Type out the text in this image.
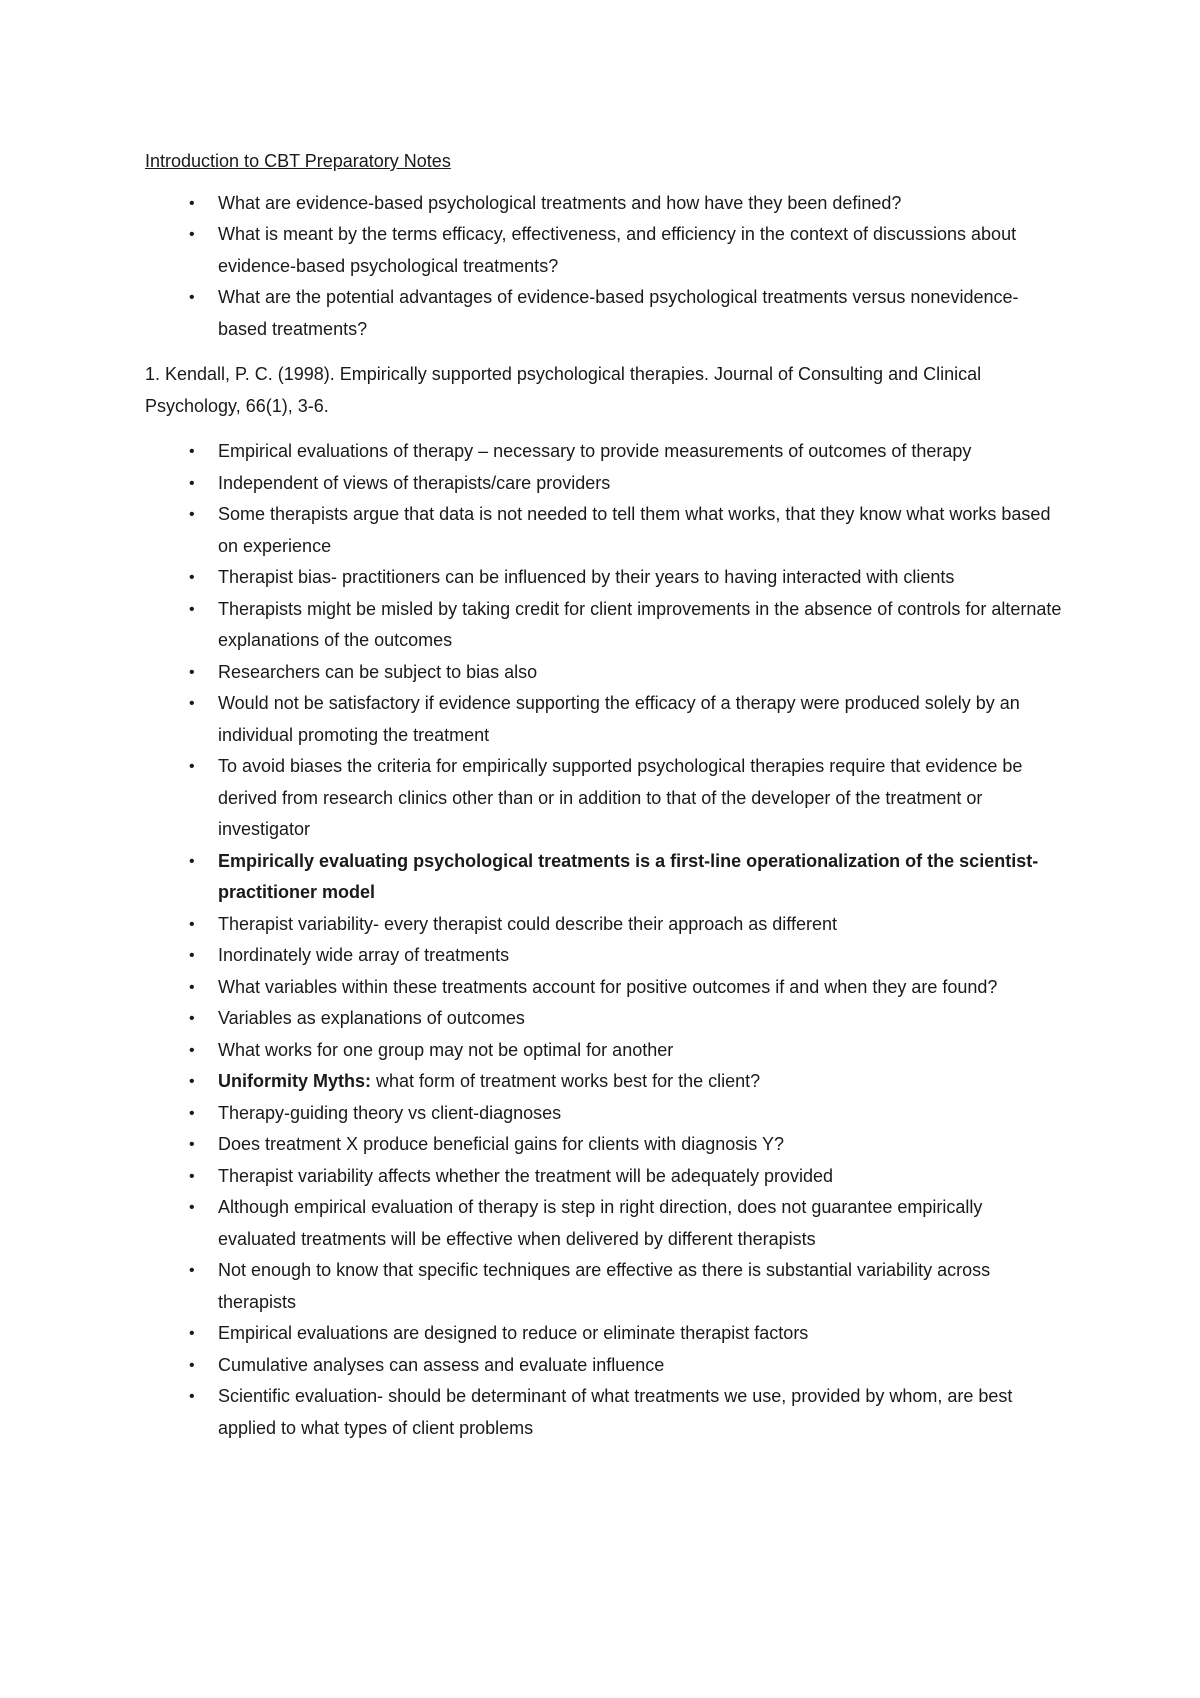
Introduction to CBT Preparatory Notes
• What are evidence-based psychological treatments and how have they been defined?
• What is meant by the terms efficacy, effectiveness, and efficiency in the context of discussions about evidence-based psychological treatments?
• What are the potential advantages of evidence-based psychological treatments versus nonevidence-based treatments?
1. Kendall, P. C. (1998). Empirically supported psychological therapies. Journal of Consulting and Clinical Psychology, 66(1), 3-6.
• Empirical evaluations of therapy – necessary to provide measurements of outcomes of therapy
• Independent of views of therapists/care providers
• Some therapists argue that data is not needed to tell them what works, that they know what works based on experience
• Therapist bias- practitioners can be influenced by their years to having interacted with clients
• Therapists might be misled by taking credit for client improvements in the absence of controls for alternate explanations of the outcomes
• Researchers can be subject to bias also
• Would not be satisfactory if evidence supporting the efficacy of a therapy were produced solely by an individual promoting the treatment
• To avoid biases the criteria for empirically supported psychological therapies require that evidence be derived from research clinics other than or in addition to that of the developer of the treatment or investigator
• Empirically evaluating psychological treatments is a first-line operationalization of the scientist-practitioner model
• Therapist variability- every therapist could describe their approach as different
• Inordinately wide array of treatments
• What variables within these treatments account for positive outcomes if and when they are found?
• Variables as explanations of outcomes
• What works for one group may not be optimal for another
• Uniformity Myths: what form of treatment works best for the client?
• Therapy-guiding theory vs client-diagnoses
• Does treatment X produce beneficial gains for clients with diagnosis Y?
• Therapist variability affects whether the treatment will be adequately provided
• Although empirical evaluation of therapy is step in right direction, does not guarantee empirically evaluated treatments will be effective when delivered by different therapists
• Not enough to know that specific techniques are effective as there is substantial variability across therapists
• Empirical evaluations are designed to reduce or eliminate therapist factors
• Cumulative analyses can assess and evaluate influence
• Scientific evaluation- should be determinant of what treatments we use, provided by whom, are best applied to what types of client problems
